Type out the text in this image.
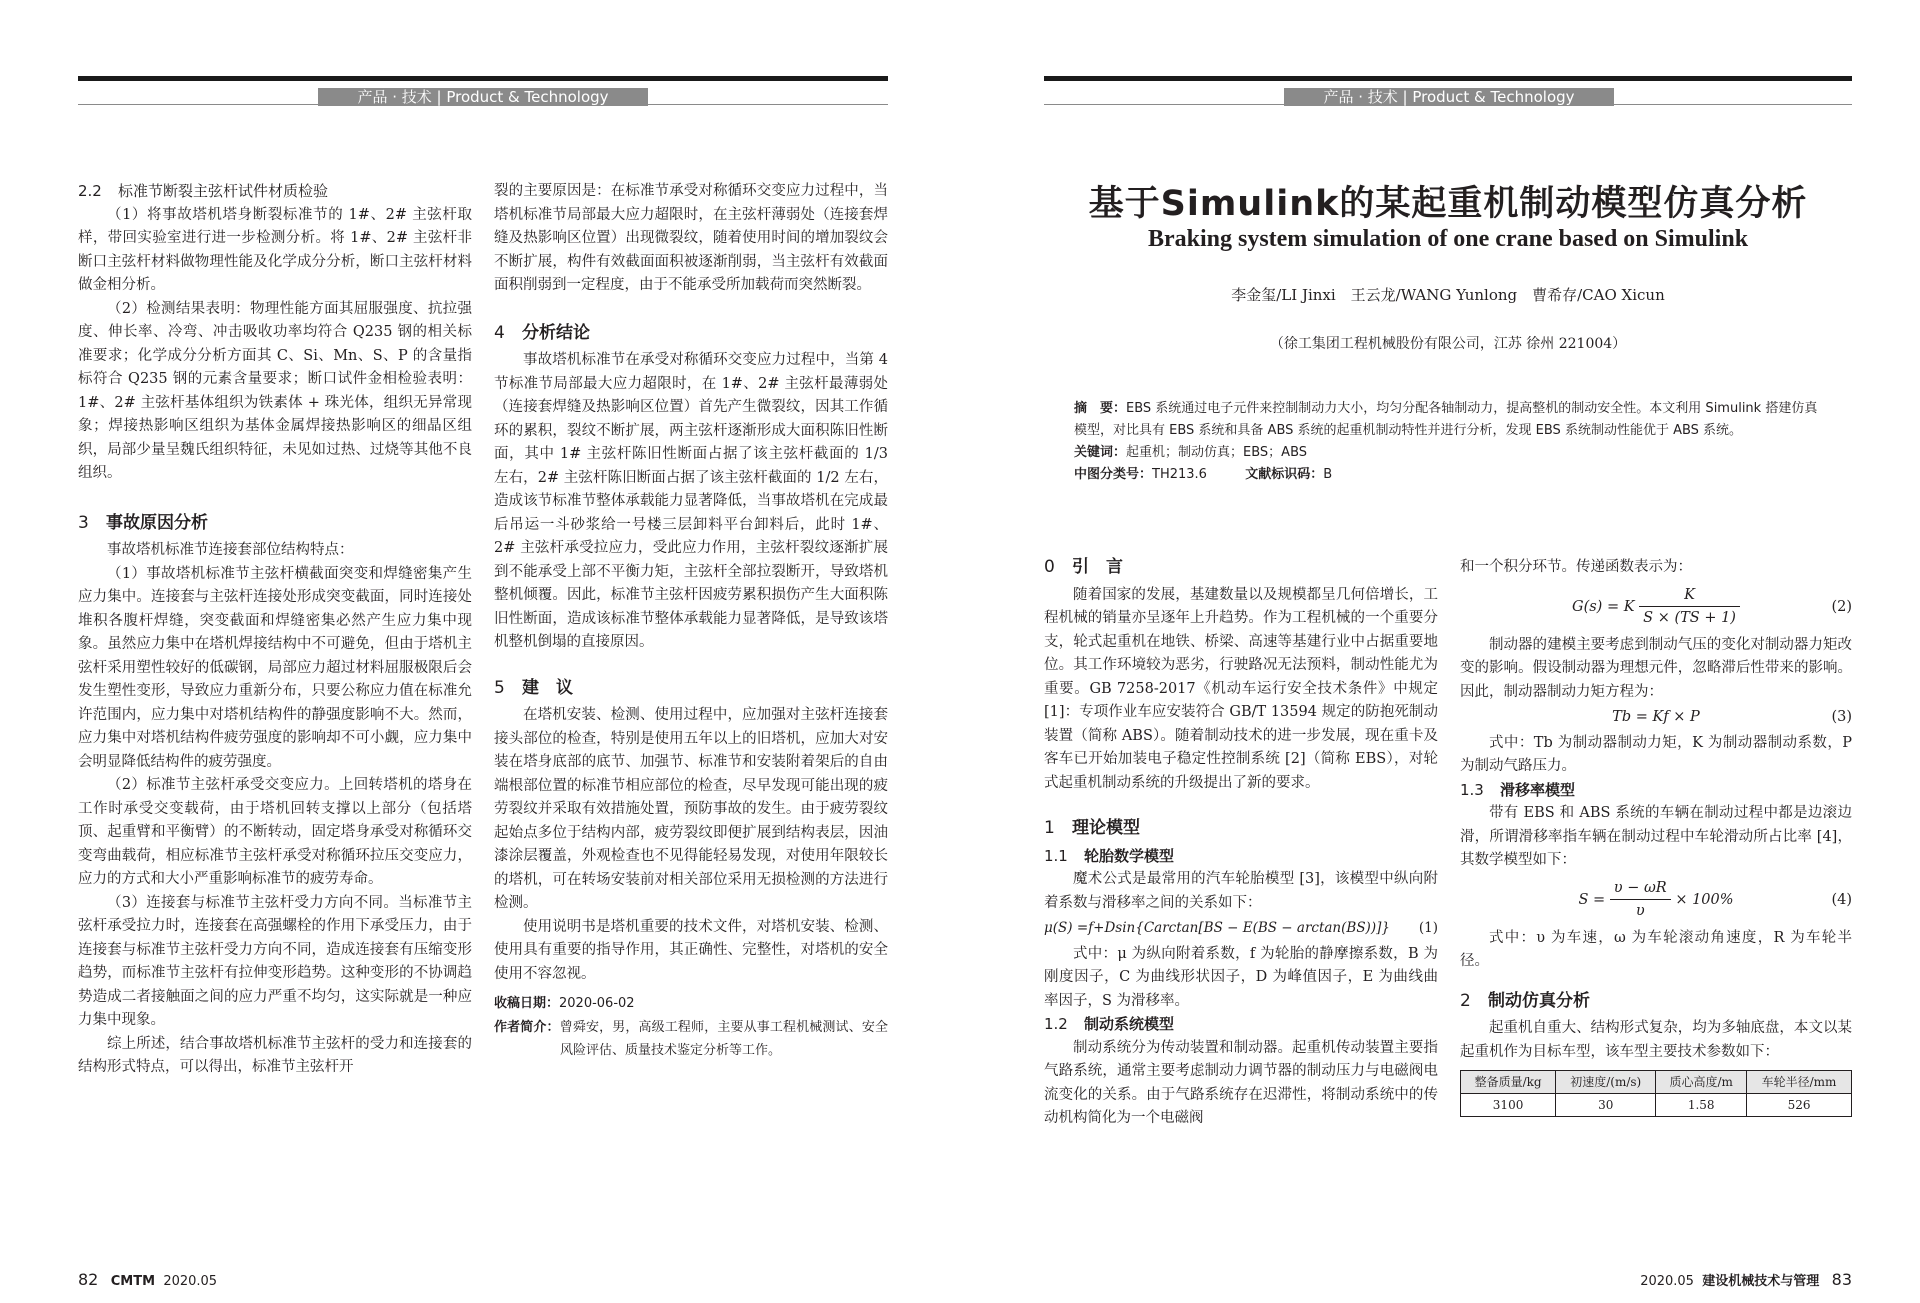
产品 · 技术 | Product & Technology	产品 · 技术 | Product & Technology
2.2 标准节断裂主弦杆试件材质检验

（1）将事故塔机塔身断裂标准节的 1#、2# 主弦杆取样，带回实验室进行进一步检测分析。将 1#、2# 主弦杆非断口主弦杆材料做物理性能及化学成分分析，断口主弦杆材料做金相分析。

（2）检测结果表明：物理性能方面其屈服强度、抗拉强度、伸长率、冷弯、冲击吸收功率均符合 Q235 钢的相关标准要求；化学成分分析方面其 C、Si、Mn、S、P 的含量指标符合 Q235 钢的元素含量要求；断口试件金相检验表明：1#、2# 主弦杆基体组织为铁素体 + 珠光体，组织无异常现象；焊接热影响区组织为基体金属焊接热影响区的细晶区组织，局部少量呈魏氏组织特征，未见如过热、过烧等其他不良组织。

3 事故原因分析

事故塔机标准节连接套部位结构特点：

（1）事故塔机标准节主弦杆横截面突变和焊缝密集产生应力集中。连接套与主弦杆连接处形成突变截面，同时连接处堆积各腹杆焊缝，突变截面和焊缝密集必然产生应力集中现象。虽然应力集中在塔机焊接结构中不可避免，但由于塔机主弦杆采用塑性较好的低碳钢，局部应力超过材料屈服极限后会发生塑性变形，导致应力重新分布，只要公称应力值在标准允许范围内，应力集中对塔机结构件的静强度影响不大。然而，应力集中对塔机结构件疲劳强度的影响却不可小觑，应力集中会明显降低结构件的疲劳强度。

（2）标准节主弦杆承受交变应力。上回转塔机的塔身在工作时承受交变载荷，由于塔机回转支撑以上部分（包括塔顶、起重臂和平衡臂）的不断转动，固定塔身承受对称循环交变弯曲载荷，相应标准节主弦杆承受对称循环拉压交变应力，应力的方式和大小严重影响标准节的疲劳寿命。

（3）连接套与标准节主弦杆受力方向不同。当标准节主弦杆承受拉力时，连接套在高强螺栓的作用下承受压力，由于连接套与标准节主弦杆受力方向不同，造成连接套有压缩变形趋势，而标准节主弦杆有拉伸变形趋势。这种变形的不协调趋势造成二者接触面之间的应力严重不均匀，这实际就是一种应力集中现象。

综上所述，结合事故塔机标准节主弦杆的受力和连接套的结构形式特点，可以得出，标准节主弦杆开

裂的主要原因是：在标准节承受对称循环交变应力过程中，当塔机标准节局部最大应力超限时，在主弦杆薄弱处（连接套焊缝及热影响区位置）出现微裂纹，随着使用时间的增加裂纹会不断扩展，构件有效截面面积被逐渐削弱，当主弦杆有效截面面积削弱到一定程度，由于不能承受所加载荷而突然断裂。

4 分析结论

事故塔机标准节在承受对称循环交变应力过程中，当第 4 节标准节局部最大应力超限时，在 1#、2# 主弦杆最薄弱处（连接套焊缝及热影响区位置）首先产生微裂纹，因其工作循环的累积，裂纹不断扩展，两主弦杆逐渐形成大面积陈旧性断面，其中 1# 主弦杆陈旧性断面占据了该主弦杆截面的 1/3 左右，2# 主弦杆陈旧断面占据了该主弦杆截面的 1/2 左右，造成该节标准节整体承载能力显著降低，当事故塔机在完成最后吊运一斗砂浆给一号楼三层卸料平台卸料后，此时 1#、2# 主弦杆承受拉应力，受此应力作用，主弦杆裂纹逐渐扩展到不能承受上部不平衡力矩，主弦杆全部拉裂断开，导致塔机整机倾覆。因此，标准节主弦杆因疲劳累积损伤产生大面积陈旧性断面，造成该标准节整体承载能力显著降低，是导致该塔机整机倒塌的直接原因。

5 建　议

在塔机安装、检测、使用过程中，应加强对主弦杆连接套接头部位的检查，特别是使用五年以上的旧塔机，应加大对安装在塔身底部的底节、加强节、标准节和安装附着架后的自由端根部位置的标准节相应部位的检查，尽早发现可能出现的疲劳裂纹并采取有效措施处置，预防事故的发生。由于疲劳裂纹起始点多位于结构内部，疲劳裂纹即便扩展到结构表层，因油漆涂层覆盖，外观检查也不见得能轻易发现，对使用年限较长的塔机，可在转场安装前对相关部位采用无损检测的方法进行检测。

使用说明书是塔机重要的技术文件，对塔机安装、检测、使用具有重要的指导作用，其正确性、完整性，对塔机的安全使用不容忽视。

收稿日期：2020-06-02
作者简介：曾舜安，男，高级工程师，主要从事工程机械测试、安全风险评估、质量技术鉴定分析等工作。
82 CMTM 2020.05
基于Simulink的某起重机制动模型仿真分析
Braking system simulation of one crane based on Simulink
李金玺/LI Jinxi　王云龙/WANG Yunlong　曹希存/CAO Xicun
（徐工集团工程机械股份有限公司，江苏 徐州 221004）
摘　要：EBS 系统通过电子元件来控制制动力大小，均匀分配各轴制动力，提高整机的制动安全性。本文利用 Simulink 搭建仿真模型，对比具有 EBS 系统和具备 ABS 系统的起重机制动特性并进行分析，发现 EBS 系统制动性能优于 ABS 系统。
关键词：起重机；制动仿真；EBS；ABS
中图分类号：TH213.6	文献标识码：B
0 引　言

随着国家的发展，基建数量以及规模都呈几何倍增长，工程机械的销量亦呈逐年上升趋势。作为工程机械的一个重要分支，轮式起重机在地铁、桥梁、高速等基建行业中占据重要地位。其工作环境较为恶劣，行驶路况无法预料，制动性能尤为重要。GB 7258-2017《机动车运行安全技术条件》中规定 [1]：专项作业车应安装符合 GB/T 13594 规定的防抱死制动装置（简称 ABS）。随着制动技术的进一步发展，现在重卡及客车已开始加装电子稳定性控制系统 [2]（简称 EBS），对轮式起重机制动系统的升级提出了新的要求。

1 理论模型
1.1 轮胎数学模型

魔术公式是最常用的汽车轮胎模型 [3]，该模型中纵向附着系数与滑移率之间的关系如下：

μ(S) =f+Dsin{Carctan[BS − E(BS − arctan(BS))]} (1)

式中：μ 为纵向附着系数，f 为轮胎的静摩擦系数，B 为刚度因子，C 为曲线形状因子，D 为峰值因子，E 为曲线曲率因子，S 为滑移率。

1.2 制动系统模型

制动系统分为传动装置和制动器。起重机传动装置主要指气路系统，通常主要考虑制动力调节器的制动压力与电磁阀电流变化的关系。由于气路系统存在迟滞性，将制动系统中的传动机构简化为一个电磁阀

和一个积分环节。传递函数表示为：

G(s) = K $\frac{K}{S \times (TS + 1)}$	(2)

制动器的建模主要考虑到制动气压的变化对制动器力矩改变的影响。假设制动器为理想元件，忽略滞后性带来的影响。因此，制动器制动力矩方程为：

Tb = Kf × P	(3)

式中：Tb 为制动器制动力矩，K 为制动器制动系数，P 为制动气路压力。

1.3 滑移率模型

带有 EBS 和 ABS 系统的车辆在制动过程中都是边滚边滑，所谓滑移率指车辆在制动过程中车轮滑动所占比率 [4]，其数学模型如下：

$S = \frac{\upsilon - \omega R}{\upsilon} \times 100\%$	(4)

式中：υ 为车速，ω 为车轮滚动角速度，R 为车轮半径。

2 制动仿真分析

起重机自重大、结构形式复杂，均为多轴底盘，本文以某起重机作为目标车型，该车型主要技术参数如下：

整备质量/kg	初速度/(m/s)	质心高度/m	车轮半径/mm
3100	30	1.58	526
2020.05 建设机械技术与管理 83
